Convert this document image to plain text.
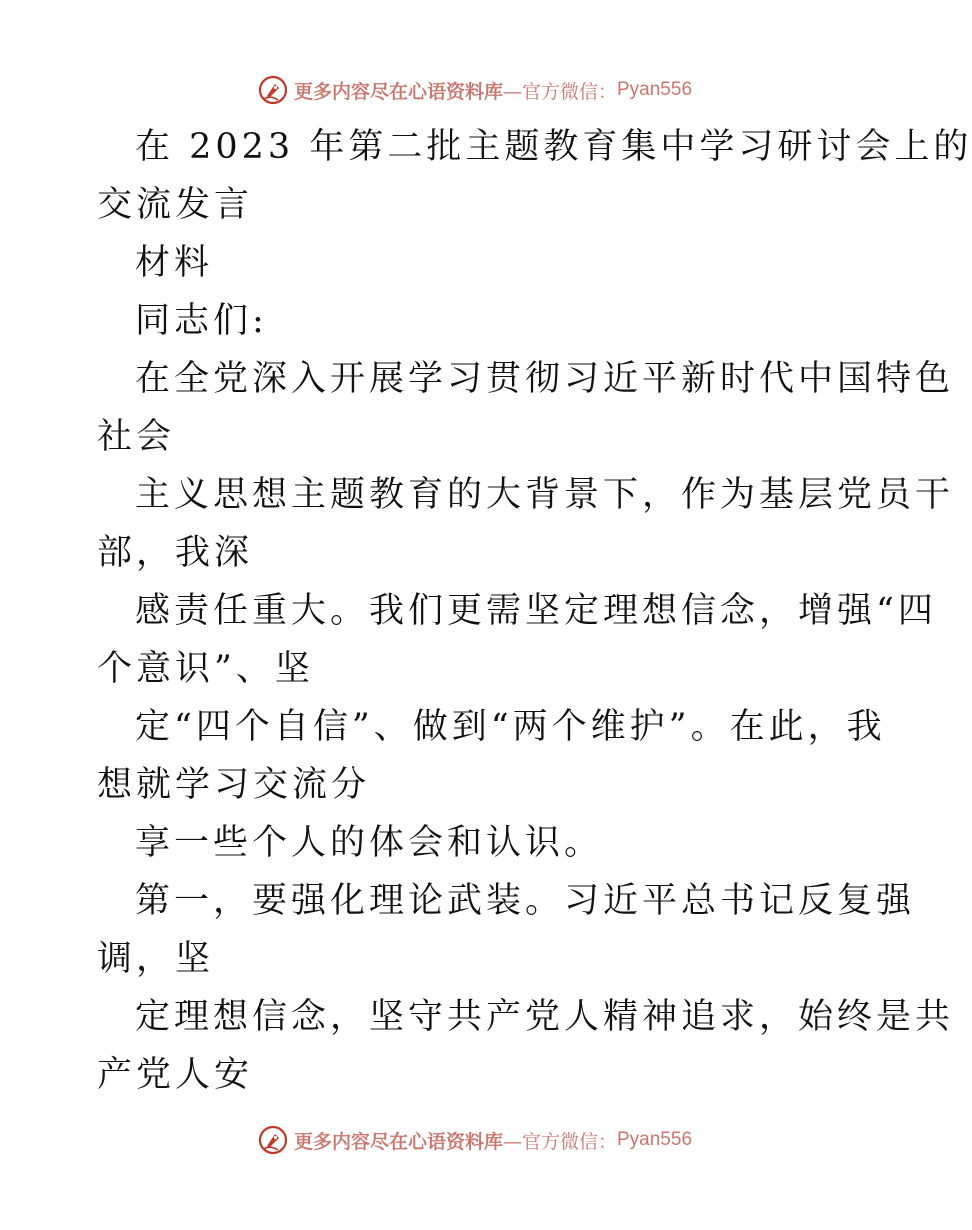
更多内容尽在心语资料库 —官方微信： Pyan556
在 2023 年第二批主题教育集中学习研讨会上的
交流发言
材料
同志们:
在全党深入开展学习贯彻习近平新时代中国特色
社会
主义思想主题教育的大背景下，作为基层党员干
部，我深
感责任重大。我们更需坚定理想信念，增强“四
个意识”、坚
定“四个自信”、做到“两个维护”。在此，我
想就学习交流分
享一些个人的体会和认识。
第一，要强化理论武装。习近平总书记反复强
调，坚
定理想信念，坚守共产党人精神追求，始终是共
产党人安
更多内容尽在心语资料库 —官方微信： Pyan556
